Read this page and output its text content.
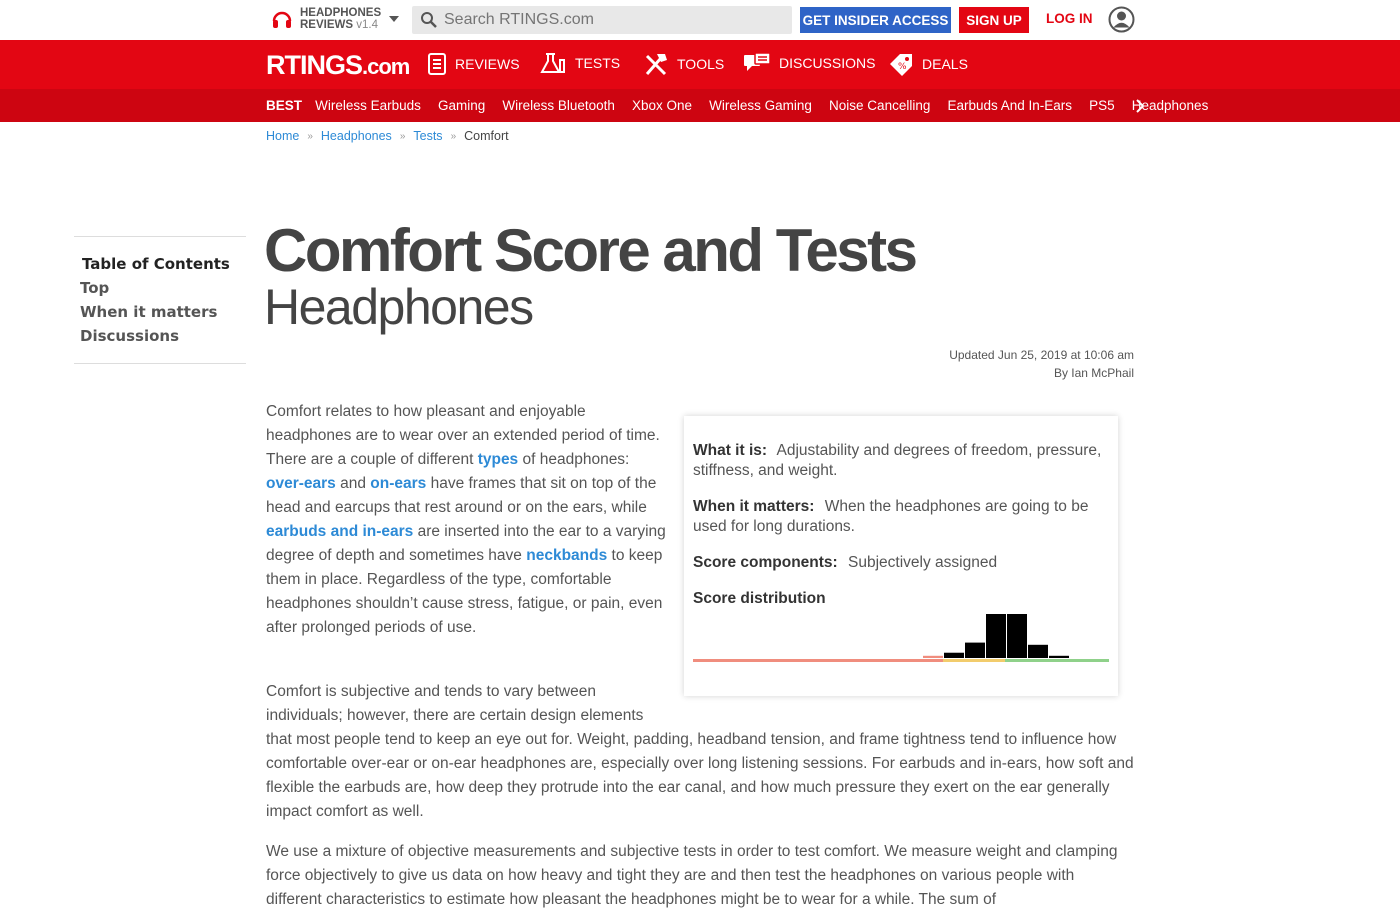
HEADPHONES
REVIEWS v1.4
Search RTINGS.com	GET INSIDER ACCESS	SIGN UP	LOG IN
RTINGS.com	REVIEWS	TESTS	TOOLS	DISCUSSIONS	% DEALS
BEST Wireless Earbuds Gaming Wireless Bluetooth Xbox One Wireless Gaming Noise Cancelling Earbuds And In-Ears PS5 Headphones
Home » Headphones » Tests » Comfort
Table of Contents
Top
When it matters
Discussions
Comfort Score and Tests
Headphones
Updated Jun 25, 2019 at 10:06 am
By Ian McPhail
Comfort relates to how pleasant and enjoyable headphones are to wear over an extended period of time. There are a couple of different types of headphones: over-ears and on-ears have frames that sit on top of the head and earcups that rest around or on the ears, while earbuds and in-ears are inserted into the ear to a varying degree of depth and sometimes have neckbands to keep them in place. Regardless of the type, comfortable headphones shouldn’t cause stress, fatigue, or pain, even after prolonged periods of use.
Comfort is subjective and tends to vary between individuals; however, there are certain design elements that most people tend to keep an eye out for. Weight, padding, headband tension, and frame tightness tend to influence how comfortable over-ear or on-ear headphones are, especially over long listening sessions. For earbuds and in-ears, how soft and flexible the earbuds are, how deep they protrude into the ear canal, and how much pressure they exert on the ear generally impact comfort as well.
We use a mixture of objective measurements and subjective tests in order to test comfort. We measure weight and clamping force objectively to give us data on how heavy and tight they are and then test the headphones on various people with different characteristics to estimate how pleasant the headphones might be to wear for a while. The sum of
What it is: Adjustability and degrees of freedom, pressure, stiffness, and weight.
When it matters: When the headphones are going to be used for long durations.
Score components: Subjectively assigned
Score distribution
